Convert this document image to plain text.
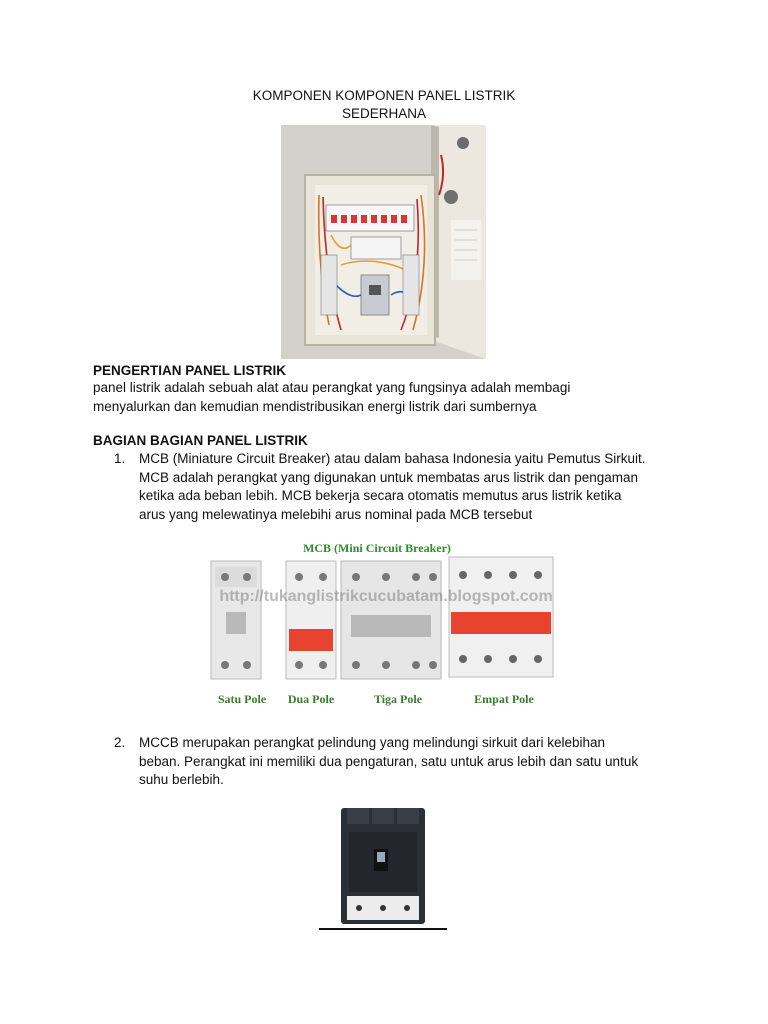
KOMPONEN KOMPONEN PANEL LISTRIK
SEDERHANA
PENGERTIAN PANEL LISTRIK
panel listrik adalah sebuah alat atau perangkat yang fungsinya adalah membagi
menyalurkan dan kemudian mendistribusikan energi listrik dari sumbernya
BAGIAN BAGIAN PANEL LISTRIK
1. MCB (Miniature Circuit Breaker) atau dalam bahasa Indonesia yaitu Pemutus Sirkuit.
MCB adalah perangkat yang digunakan untuk membatas arus listrik dan pengaman
ketika ada beban lebih. MCB bekerja secara otomatis memutus arus listrik ketika
arus yang melewatinya melebihi arus nominal pada MCB tersebut
MCB (Mini Circuit Breaker)
http://tukanglistrikcucubatam.blogspot.com
Satu Pole Dua Pole	Tiga Pole	Empat Pole
2. MCCB merupakan perangkat pelindung yang melindungi sirkuit dari kelebihan
beban. Perangkat ini memiliki dua pengaturan, satu untuk arus lebih dan satu untuk
suhu berlebih.
